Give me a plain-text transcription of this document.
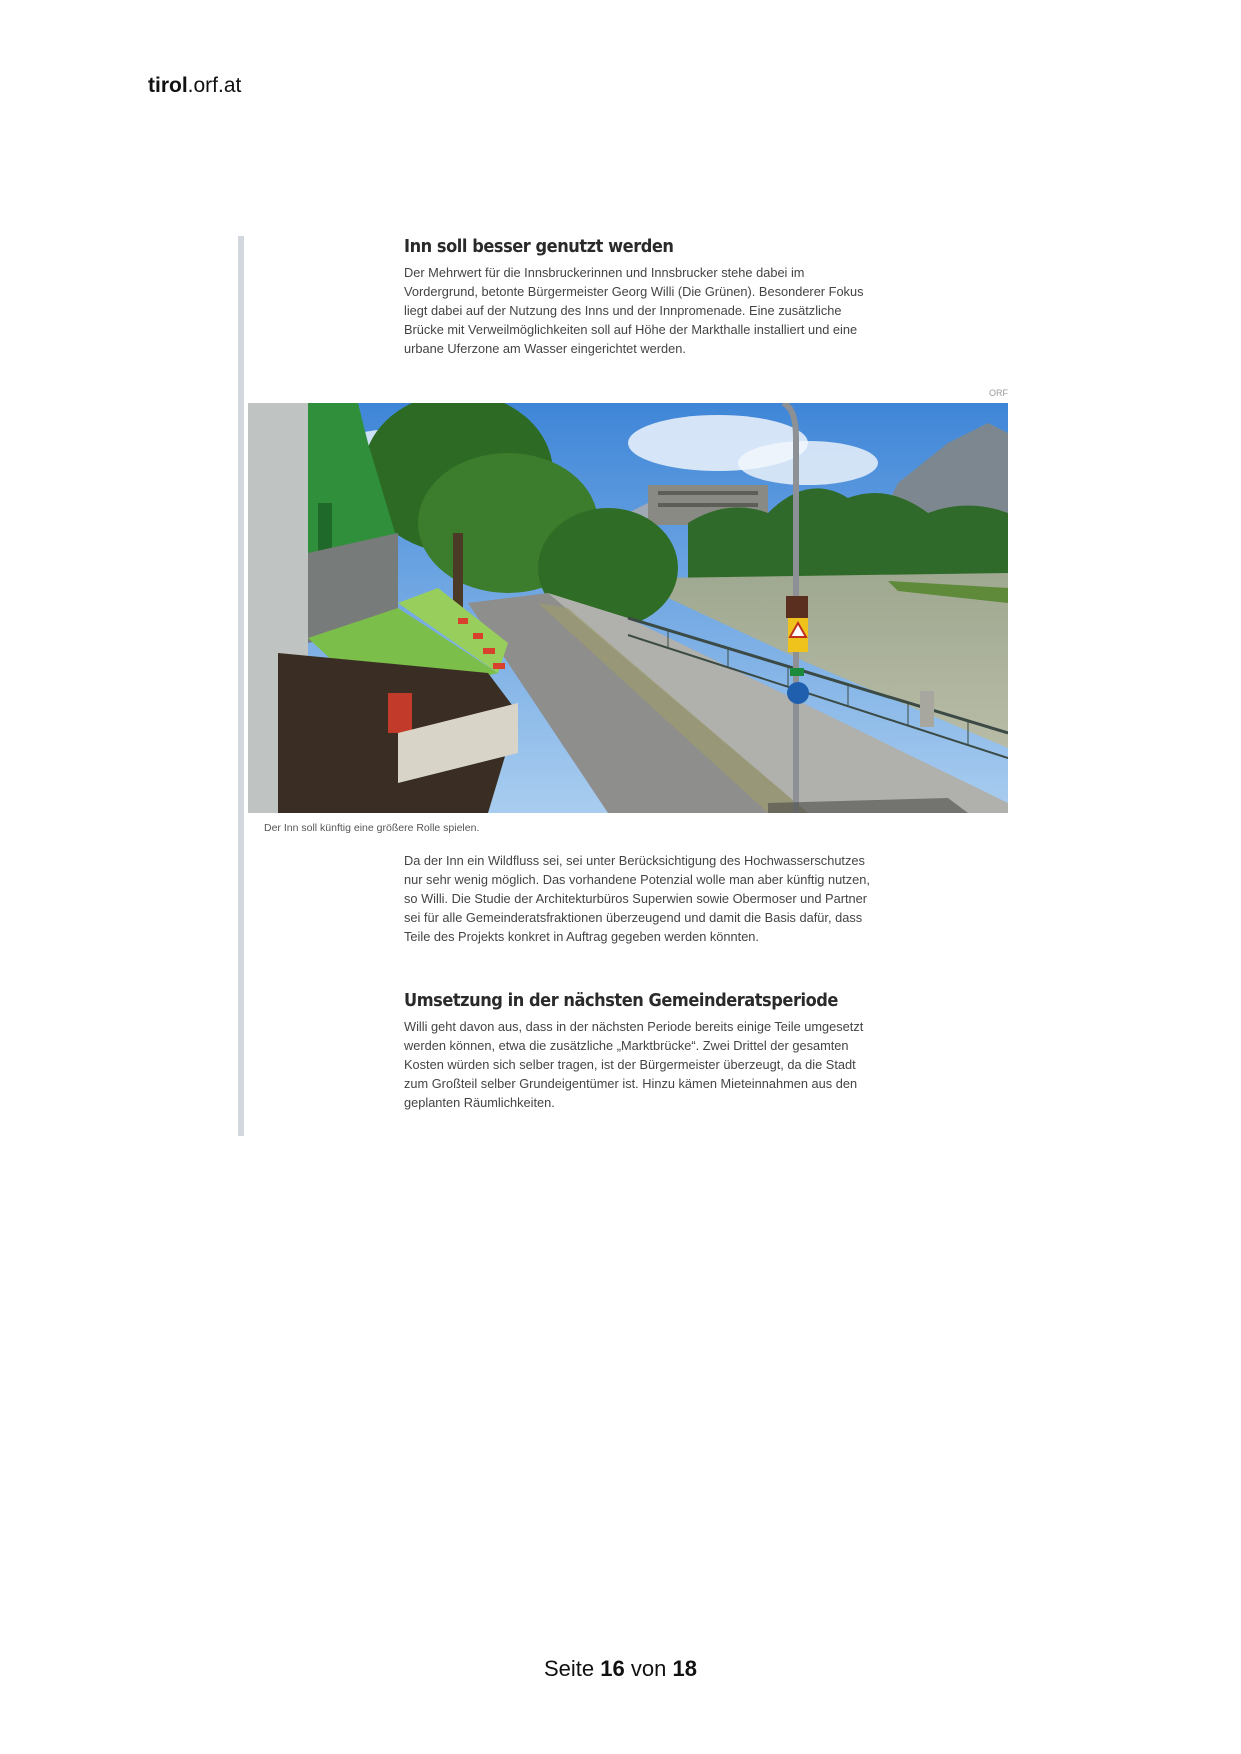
tirol.orf.at
Inn soll besser genutzt werden

Der Mehrwert für die Innsbruckerinnen und Innsbrucker stehe dabei im Vordergrund, betonte Bürgermeister Georg Willi (Die Grünen). Besonderer Fokus liegt dabei auf der Nutzung des Inns und der Innpromenade. Eine zusätzliche Brücke mit Verweilmöglichkeiten soll auf Höhe der Markthalle installiert und eine urbane Uferzone am Wasser eingerichtet werden.

ORF
Der Inn soll künftig eine größere Rolle spielen.

Da der Inn ein Wildfluss sei, sei unter Berücksichtigung des Hochwasserschutzes nur sehr wenig möglich. Das vorhandene Potenzial wolle man aber künftig nutzen, so Willi. Die Studie der Architekturbüros Superwien sowie Obermoser und Partner sei für alle Gemeinderatsfraktionen überzeugend und damit die Basis dafür, dass Teile des Projekts konkret in Auftrag gegeben werden könnten.

Umsetzung in der nächsten Gemeinderatsperiode

Willi geht davon aus, dass in der nächsten Periode bereits einige Teile umgesetzt werden können, etwa die zusätzliche „Marktbrücke“. Zwei Drittel der gesamten Kosten würden sich selber tragen, ist der Bürgermeister überzeugt, da die Stadt zum Großteil selber Grundeigentümer ist. Hinzu kämen Mieteinnahmen aus den geplanten Räumlichkeiten.

Seite 16 von 18
